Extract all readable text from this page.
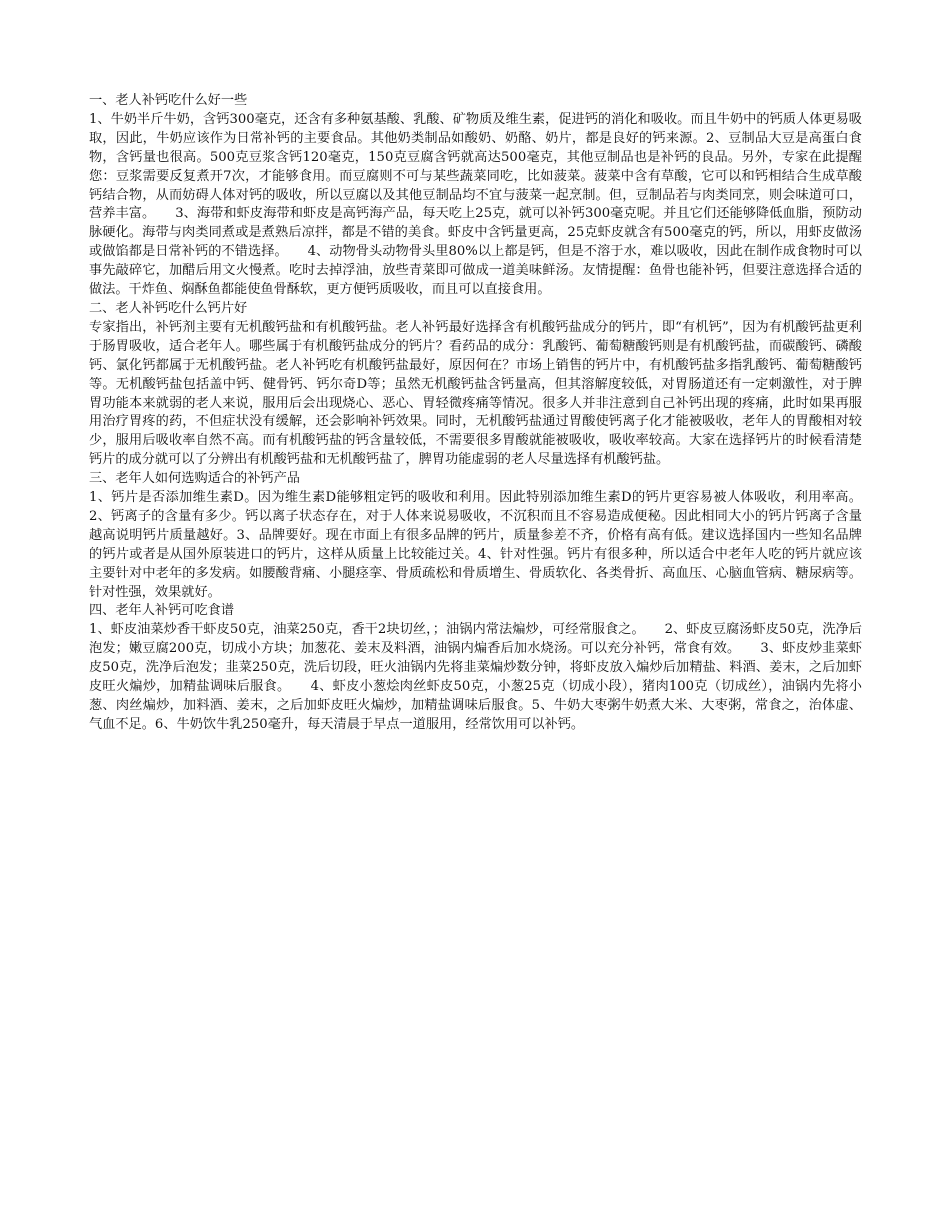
一、老人补钙吃什么好一些

1、牛奶半斤牛奶，含钙300毫克，还含有多种氨基酸、乳酸、矿物质及维生素，促进钙的消化和吸收。而且牛奶中的钙质人体更易吸取，因此，牛奶应该作为日常补钙的主要食品。其他奶类制品如酸奶、奶酪、奶片，都是良好的钙来源。2、豆制品大豆是高蛋白食物，含钙量也很高。500克豆浆含钙120毫克，150克豆腐含钙就高达500毫克，其他豆制品也是补钙的良品。另外，专家在此提醒您：豆浆需要反复煮开7次，才能够食用。而豆腐则不可与某些蔬菜同吃，比如菠菜。菠菜中含有草酸，它可以和钙相结合生成草酸钙结合物，从而妨碍人体对钙的吸收，所以豆腐以及其他豆制品均不宜与菠菜一起烹制。但，豆制品若与肉类同烹，则会味道可口，营养丰富。　　3、海带和虾皮海带和虾皮是高钙海产品，每天吃上25克，就可以补钙300毫克呢。并且它们还能够降低血脂，预防动脉硬化。海带与肉类同煮或是煮熟后凉拌，都是不错的美食。虾皮中含钙量更高，25克虾皮就含有500毫克的钙，所以，用虾皮做汤或做馅都是日常补钙的不错选择。　　4、动物骨头动物骨头里80%以上都是钙，但是不溶于水，难以吸收，因此在制作成食物时可以事先敲碎它，加醋后用文火慢煮。吃时去掉浮油，放些青菜即可做成一道美味鲜汤。友情提醒：鱼骨也能补钙，但要注意选择合适的做法。干炸鱼、焖酥鱼都能使鱼骨酥软，更方便钙质吸收，而且可以直接食用。

二、老人补钙吃什么钙片好

专家指出，补钙剂主要有无机酸钙盐和有机酸钙盐。老人补钙最好选择含有机酸钙盐成分的钙片，即“有机钙”，因为有机酸钙盐更利于肠胃吸收，适合老年人。哪些属于有机酸钙盐成分的钙片？看药品的成分：乳酸钙、葡萄糖酸钙则是有机酸钙盐，而碳酸钙、磷酸钙、氯化钙都属于无机酸钙盐。老人补钙吃有机酸钙盐最好，原因何在？市场上销售的钙片中，有机酸钙盐多指乳酸钙、葡萄糖酸钙等。无机酸钙盐包括盖中钙、健骨钙、钙尔奇D等；虽然无机酸钙盐含钙量高，但其溶解度较低，对胃肠道还有一定刺激性，对于脾胃功能本来就弱的老人来说，服用后会出现烧心、恶心、胃轻微疼痛等情况。很多人并非注意到自己补钙出现的疼痛，此时如果再服用治疗胃疼的药，不但症状没有缓解，还会影响补钙效果。同时，无机酸钙盐通过胃酸使钙离子化才能被吸收，老年人的胃酸相对较少，服用后吸收率自然不高。而有机酸钙盐的钙含量较低，不需要很多胃酸就能被吸收，吸收率较高。大家在选择钙片的时候看清楚钙片的成分就可以了分辨出有机酸钙盐和无机酸钙盐了，脾胃功能虚弱的老人尽量选择有机酸钙盐。

三、老年人如何选购适合的补钙产品

1、钙片是否添加维生素D。因为维生素D能够粗定钙的吸收和利用。因此特别添加维生素D的钙片更容易被人体吸收，利用率高。2、钙离子的含量有多少。钙以离子状态存在，对于人体来说易吸收，不沉积而且不容易造成便秘。因此相同大小的钙片钙离子含量越高说明钙片质量越好。3、品牌要好。现在市面上有很多品牌的钙片，质量参差不齐，价格有高有低。建议选择国内一些知名品牌的钙片或者是从国外原装进口的钙片，这样从质量上比较能过关。4、针对性强。钙片有很多种，所以适合中老年人吃的钙片就应该主要针对中老年的多发病。如腰酸背痛、小腿痉挛、骨质疏松和骨质增生、骨质软化、各类骨折、高血压、心脑血管病、糖尿病等。针对性强，效果就好。

四、老年人补钙可吃食谱

1、虾皮油菜炒香干虾皮50克，油菜250克，香干2块切丝，；油锅内常法煸炒，可经常服食之。　　2、虾皮豆腐汤虾皮50克，洗净后泡发；嫩豆腐200克，切成小方块；加葱花、姜末及料酒，油锅内煸香后加水烧汤。可以充分补钙，常食有效。　　3、虾皮炒韭菜虾皮50克，洗净后泡发；韭菜250克，洗后切段，旺火油锅内先将韭菜煸炒数分钟，将虾皮放入煸炒后加精盐、料酒、姜末，之后加虾皮旺火煸炒，加精盐调味后服食。　　4、虾皮小葱烩肉丝虾皮50克，小葱25克（切成小段），猪肉100克（切成丝），油锅内先将小葱、肉丝煸炒，加料酒、姜末，之后加虾皮旺火煸炒，加精盐调味后服食。5、牛奶大枣粥牛奶煮大米、大枣粥，常食之，治体虚、气血不足。6、牛奶饮牛乳250毫升，每天清晨于早点一道服用，经常饮用可以补钙。
